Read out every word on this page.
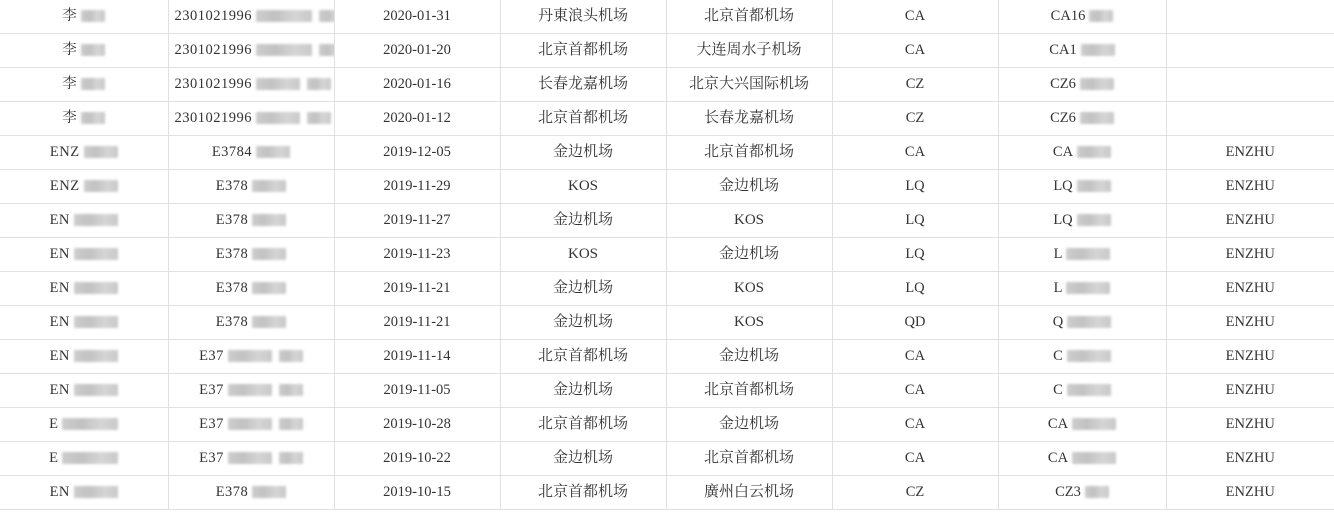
李	2301021996	2020-01-31	丹東浪头机场	北京首都机场	CA	CA16	

李	2301021996	2020-01-20	北京首都机场	大连周水子机场	CA	CA1	

李	2301021996	2020-01-16	长春龙嘉机场	北京大兴国际机场	CZ	CZ6	

李	2301021996	2020-01-12	北京首都机场	长春龙嘉机场	CZ	CZ6	

ENZ	E3784	2019-12-05	金边机场	北京首都机场	CA	CA	ENZHU

ENZ	E378	2019-11-29	KOS	金边机场	LQ	LQ	ENZHU

EN	E378	2019-11-27	金边机场	KOS	LQ	LQ	ENZHU

EN	E378	2019-11-23	KOS	金边机场	LQ	L	ENZHU

EN	E378	2019-11-21	金边机场	KOS	LQ	L	ENZHU

EN	E378	2019-11-21	金边机场	KOS	QD	Q	ENZHU

EN	E37	2019-11-14	北京首都机场	金边机场	CA	C	ENZHU

EN	E37	2019-11-05	金边机场	北京首都机场	CA	C	ENZHU

E	E37	2019-10-28	北京首都机场	金边机场	CA	CA	ENZHU

E	E37	2019-10-22	金边机场	北京首都机场	CA	CA	ENZHU

EN	E378	2019-10-15	北京首都机场	廣州白云机场	CZ	CZ3	ENZHU
